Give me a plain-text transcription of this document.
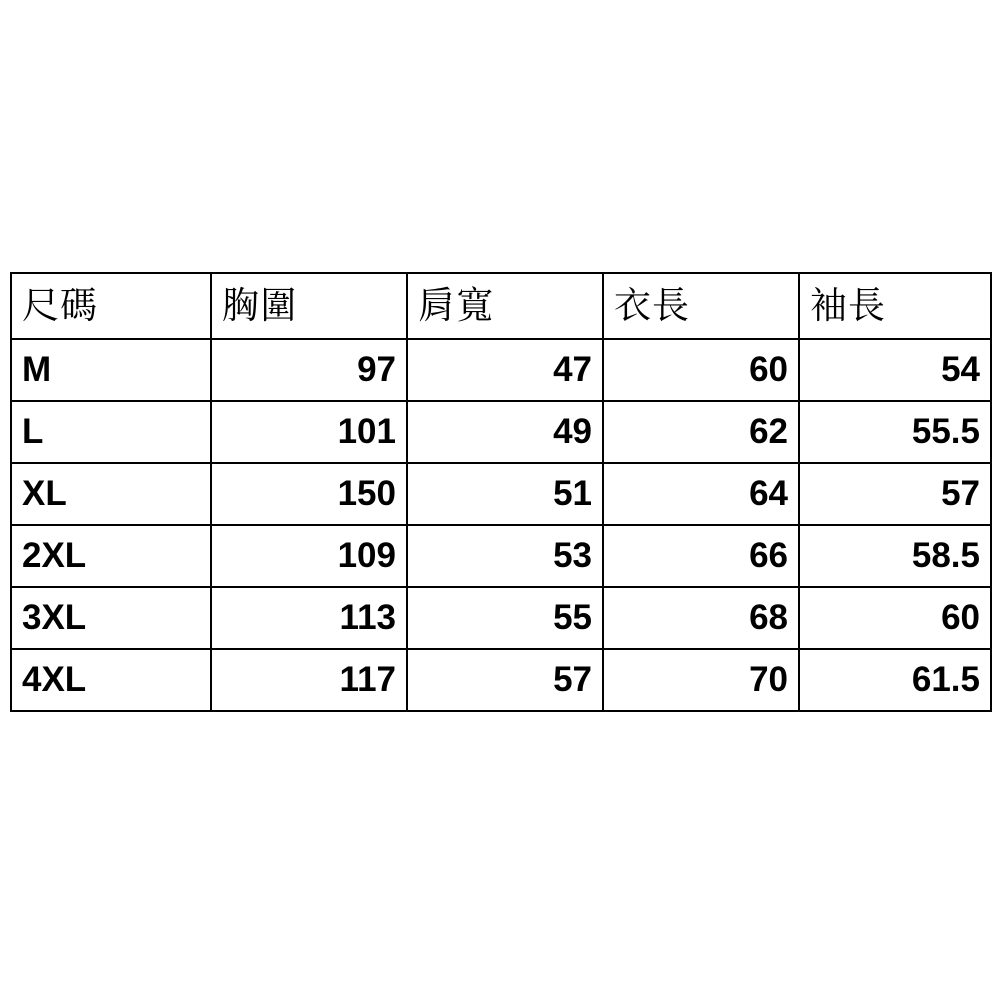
尺碼	胸圍	肩寬	衣長	袖長
M	97	47	60	54
L	101	49	62	55.5
XL	150	51	64	57
2XL	109	53	66	58.5
3XL	113	55	68	60
4XL	117	57	70	61.5
